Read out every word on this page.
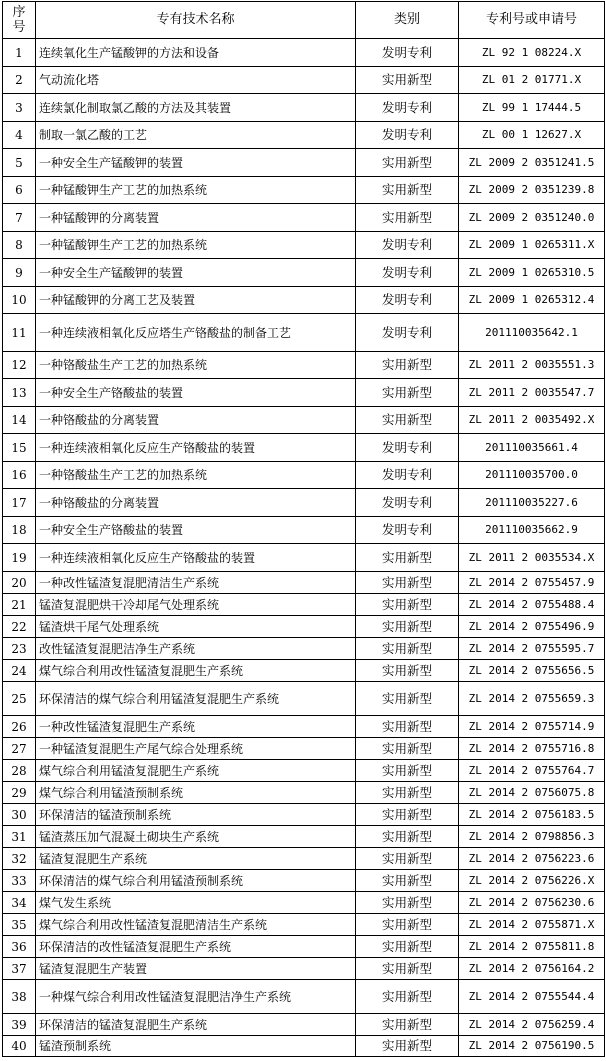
序号	专有技术名称	类别	专利号或申请号
1	连续氧化生产锰酸钾的方法和设备	发明专利	ZL 92 1 08224.X
2	气动流化塔	实用新型	ZL 01 2 01771.X
3	连续氯化制取氯乙酸的方法及其装置	发明专利	ZL 99 1 17444.5
4	制取一氯乙酸的工艺	发明专利	ZL 00 1 12627.X
5	一种安全生产锰酸钾的装置	实用新型	ZL 2009 2 0351241.5
6	一种锰酸钾生产工艺的加热系统	实用新型	ZL 2009 2 0351239.8
7	一种锰酸钾的分离装置	实用新型	ZL 2009 2 0351240.0
8	一种锰酸钾生产工艺的加热系统	发明专利	ZL 2009 1 0265311.X
9	一种安全生产锰酸钾的装置	发明专利	ZL 2009 1 0265310.5
10	一种锰酸钾的分离工艺及装置	发明专利	ZL 2009 1 0265312.4
11	一种连续液相氧化反应塔生产铬酸盐的制备工艺	发明专利	201110035642.1
12	一种铬酸盐生产工艺的加热系统	实用新型	ZL 2011 2 0035551.3
13	一种安全生产铬酸盐的装置	实用新型	ZL 2011 2 0035547.7
14	一种铬酸盐的分离装置	实用新型	ZL 2011 2 0035492.X
15	一种连续液相氧化反应生产铬酸盐的装置	发明专利	201110035661.4
16	一种铬酸盐生产工艺的加热系统	发明专利	201110035700.0
17	一种铬酸盐的分离装置	发明专利	201110035227.6
18	一种安全生产铬酸盐的装置	发明专利	201110035662.9
19	一种连续液相氧化反应生产铬酸盐的装置	实用新型	ZL 2011 2 0035534.X
20	一种改性锰渣复混肥清洁生产系统	实用新型	ZL 2014 2 0755457.9
21	锰渣复混肥烘干冷却尾气处理系统	实用新型	ZL 2014 2 0755488.4
22	锰渣烘干尾气处理系统	实用新型	ZL 2014 2 0755496.9
23	改性锰渣复混肥洁净生产系统	实用新型	ZL 2014 2 0755595.7
24	煤气综合利用改性锰渣复混肥生产系统	实用新型	ZL 2014 2 0755656.5
25	环保清洁的煤气综合利用锰渣复混肥生产系统	实用新型	ZL 2014 2 0755659.3
26	一种改性锰渣复混肥生产系统	实用新型	ZL 2014 2 0755714.9
27	一种锰渣复混肥生产尾气综合处理系统	实用新型	ZL 2014 2 0755716.8
28	煤气综合利用锰渣复混肥生产系统	实用新型	ZL 2014 2 0755764.7
29	煤气综合利用锰渣预制系统	实用新型	ZL 2014 2 0756075.8
30	环保清洁的锰渣预制系统	实用新型	ZL 2014 2 0756183.5
31	锰渣蒸压加气混凝土砌块生产系统	实用新型	ZL 2014 2 0798856.3
32	锰渣复混肥生产系统	实用新型	ZL 2014 2 0756223.6
33	环保清洁的煤气综合利用锰渣预制系统	实用新型	ZL 2014 2 0756226.X
34	煤气发生系统	实用新型	ZL 2014 2 0756230.6
35	煤气综合利用改性锰渣复混肥清洁生产系统	实用新型	ZL 2014 2 0755871.X
36	环保清洁的改性锰渣复混肥生产系统	实用新型	ZL 2014 2 0755811.8
37	锰渣复混肥生产装置	实用新型	ZL 2014 2 0756164.2
38	一种煤气综合利用改性锰渣复混肥洁净生产系统	实用新型	ZL 2014 2 0755544.4
39	环保清洁的锰渣复混肥生产系统	实用新型	ZL 2014 2 0756259.4
40	锰渣预制系统	实用新型	ZL 2014 2 0756190.5
